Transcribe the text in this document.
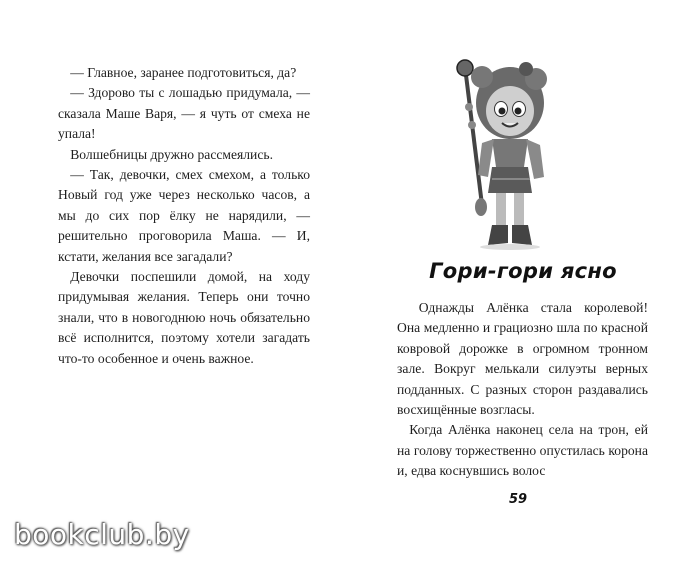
— Главное, заранее подготовиться, да?

— Здорово ты с лошадью придумала, — сказала Маше Варя, — я чуть от смеха не упала!

Волшебницы дружно рассмеялись.

— Так, девочки, смех смехом, а только Новый год уже через несколько часов, а мы до сих пор ёлку не нарядили, — решительно проговорила Маша. — И, кстати, желания все загадали?

Девочки поспешили домой, на ходу придумывая желания. Теперь они точно знали, что в новогоднюю ночь обязательно всё исполнится, поэтому хотели загадать что-то особенное и очень важное.

Гори-гори ясно

Однажды Алёнка стала королевой! Она медленно и грациозно шла по красной ковровой дорожке в огромном тронном зале. Вокруг мелькали силуэты верных подданных. С разных сторон раздавались восхищённые возгласы.

Когда Алёнка наконец села на трон, ей на голову торжественно опустилась корона и, едва коснувшись волос

59
bookclub.by
